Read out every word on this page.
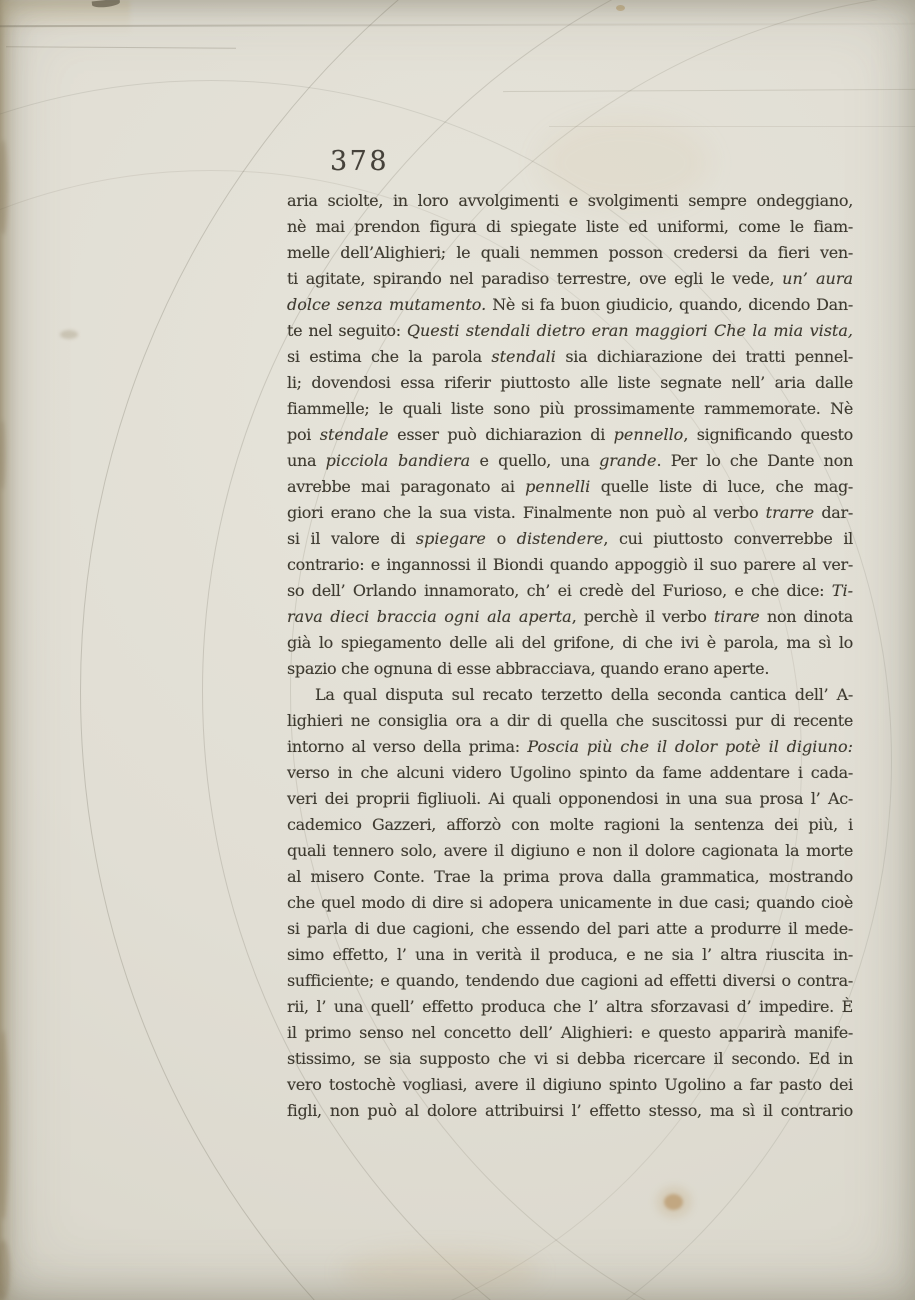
378
aria sciolte, in loro avvolgimenti e svolgimenti sempre ondeggiano,
nè mai prendon figura di spiegate liste ed uniformi, come le fiam-
melle dell’Alighieri; le quali nemmen posson credersi da fieri ven-
ti agitate, spirando nel paradiso terrestre, ove egli le vede, un’ aura
dolce senza mutamento. Nè si fa buon giudicio, quando, dicendo Dan-
te nel seguito: Questi stendali dietro eran maggiori Che la mia vista,
si estima che la parola stendali sia dichiarazione dei tratti pennel-
li; dovendosi essa riferir piuttosto alle liste segnate nell’ aria dalle
fiammelle; le quali liste sono più prossimamente rammemorate. Nè
poi stendale esser può dichiarazion di pennello, significando questo
una picciola bandiera e quello, una grande. Per lo che Dante non
avrebbe mai paragonato ai pennelli quelle liste di luce, che mag-
giori erano che la sua vista. Finalmente non può al verbo trarre dar-
si il valore di spiegare o distendere, cui piuttosto converrebbe il
contrario: e ingannossi il Biondi quando appoggiò il suo parere al ver-
so dell’ Orlando innamorato, ch’ ei credè del Furioso, e che dice: Ti-
rava dieci braccia ogni ala aperta, perchè il verbo tirare non dinota
già lo spiegamento delle ali del grifone, di che ivi è parola, ma sì lo
spazio che ognuna di esse abbracciava, quando erano aperte.
La qual disputa sul recato terzetto della seconda cantica dell’ A-
lighieri ne consiglia ora a dir di quella che suscitossi pur di recente
intorno al verso della prima: Poscia più che il dolor potè il digiuno:
verso in che alcuni videro Ugolino spinto da fame addentare i cada-
veri dei proprii figliuoli. Ai quali opponendosi in una sua prosa l’ Ac-
cademico Gazzeri, afforzò con molte ragioni la sentenza dei più, i
quali tennero solo, avere il digiuno e non il dolore cagionata la morte
al misero Conte. Trae la prima prova dalla grammatica, mostrando
che quel modo di dire si adopera unicamente in due casi; quando cioè
si parla di due cagioni, che essendo del pari atte a produrre il mede-
simo effetto, l’ una in verità il produca, e ne sia l’ altra riuscita in-
sufficiente; e quando, tendendo due cagioni ad effetti diversi o contra-
rii, l’ una quell’ effetto produca che l’ altra sforzavasi d’ impedire. È
il primo senso nel concetto dell’ Alighieri: e questo apparirà manife-
stissimo, se sia supposto che vi si debba ricercare il secondo. Ed in
vero tostochè vogliasi, avere il digiuno spinto Ugolino a far pasto dei
figli, non può al dolore attribuirsi l’ effetto stesso, ma sì il contrario
